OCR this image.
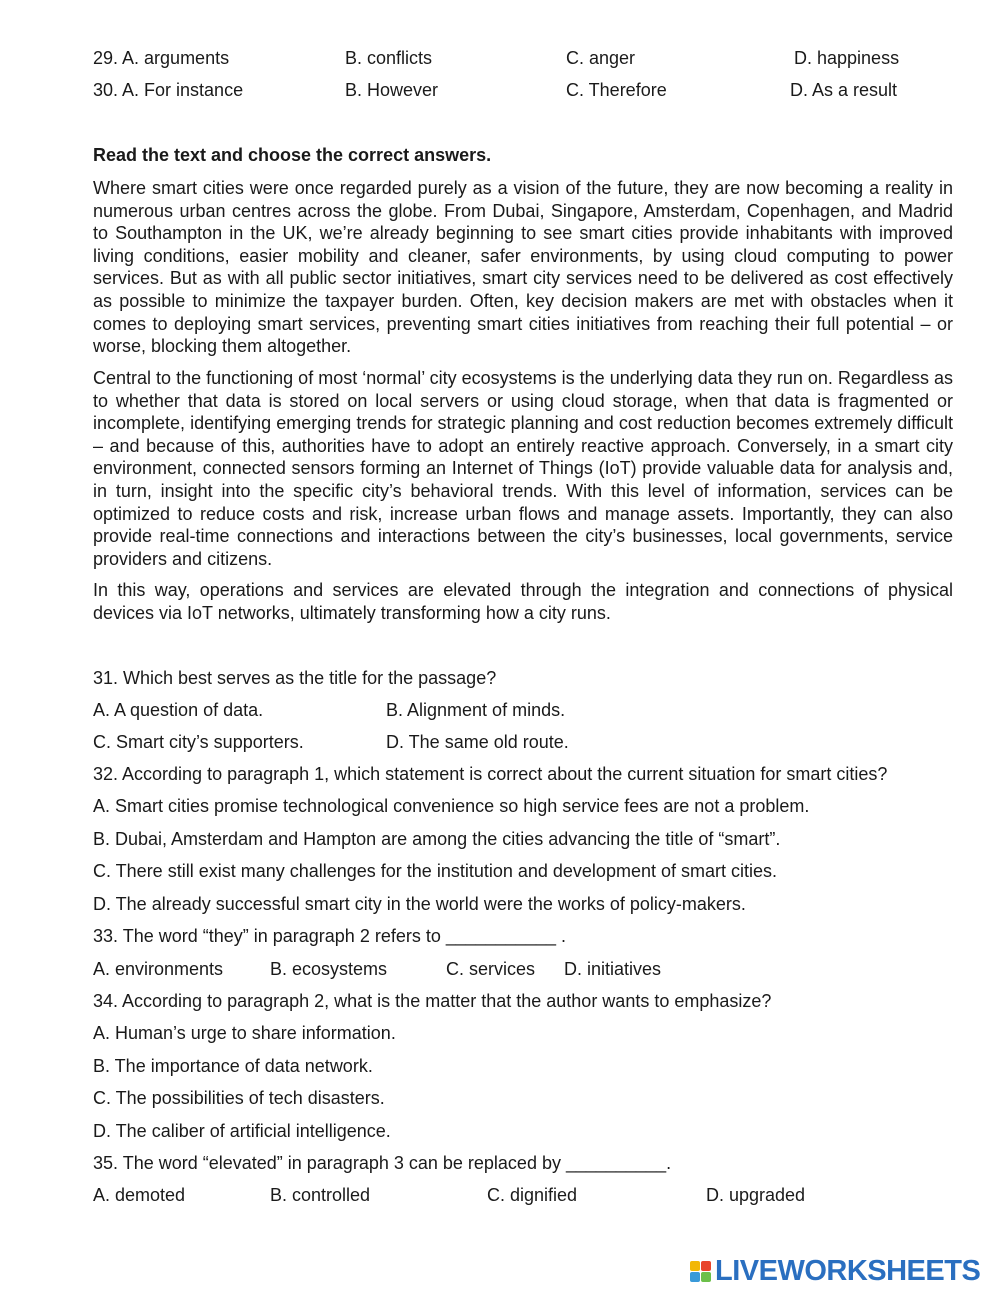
29. A. arguments	B. conflicts	C. anger	D. happiness
30. A. For instance	B. However	C. Therefore	D. As a result
Read the text and choose the correct answers.
Where smart cities were once regarded purely as a vision of the future, they are now becoming a reality in numerous urban centres across the globe. From Dubai, Singapore, Amsterdam, Copenhagen, and Madrid to Southampton in the UK, we’re already beginning to see smart cities provide inhabitants with improved living conditions, easier mobility and cleaner, safer environments, by using cloud computing to power services. But as with all public sector initiatives, smart city services need to be delivered as cost effectively as possible to minimize the taxpayer burden. Often, key decision makers are met with obstacles when it comes to deploying smart services, preventing smart cities initiatives from reaching their full potential – or worse, blocking them altogether.
Central to the functioning of most ‘normal’ city ecosystems is the underlying data they run on. Regardless as to whether that data is stored on local servers or using cloud storage, when that data is fragmented or incomplete, identifying emerging trends for strategic planning and cost reduction becomes extremely difficult – and because of this, authorities have to adopt an entirely reactive approach. Conversely, in a smart city environment, connected sensors forming an Internet of Things (IoT) provide valuable data for analysis and, in turn, insight into the specific city’s behavioral trends. With this level of information, services can be optimized to reduce costs and risk, increase urban flows and manage assets. Importantly, they can also provide real-time connections and interactions between the city’s businesses, local governments, service providers and citizens.
In this way, operations and services are elevated through the integration and connections of physical devices via IoT networks, ultimately transforming how a city runs.
31. Which best serves as the title for the passage?
A. A question of data.	B. Alignment of minds.
C. Smart city’s supporters.	D. The same old route.
32. According to paragraph 1, which statement is correct about the current situation for smart cities?
A. Smart cities promise technological convenience so high service fees are not a problem.
B. Dubai, Amsterdam and Hampton are among the cities advancing the title of “smart”.
C. There still exist many challenges for the institution and development of smart cities.
D. The already successful smart city in the world were the works of policy-makers.
33. The word “they” in paragraph 2 refers to ___________ .
A. environments	B. ecosystems	C. services D. initiatives
34. According to paragraph 2, what is the matter that the author wants to emphasize?
A. Human’s urge to share information.
B. The importance of data network.
C. The possibilities of tech disasters.
D. The caliber of artificial intelligence.
35. The word “elevated” in paragraph 3 can be replaced by __________.
A. demoted	B. controlled	C. dignified	D. upgraded
LIVEWORKSHEETS
